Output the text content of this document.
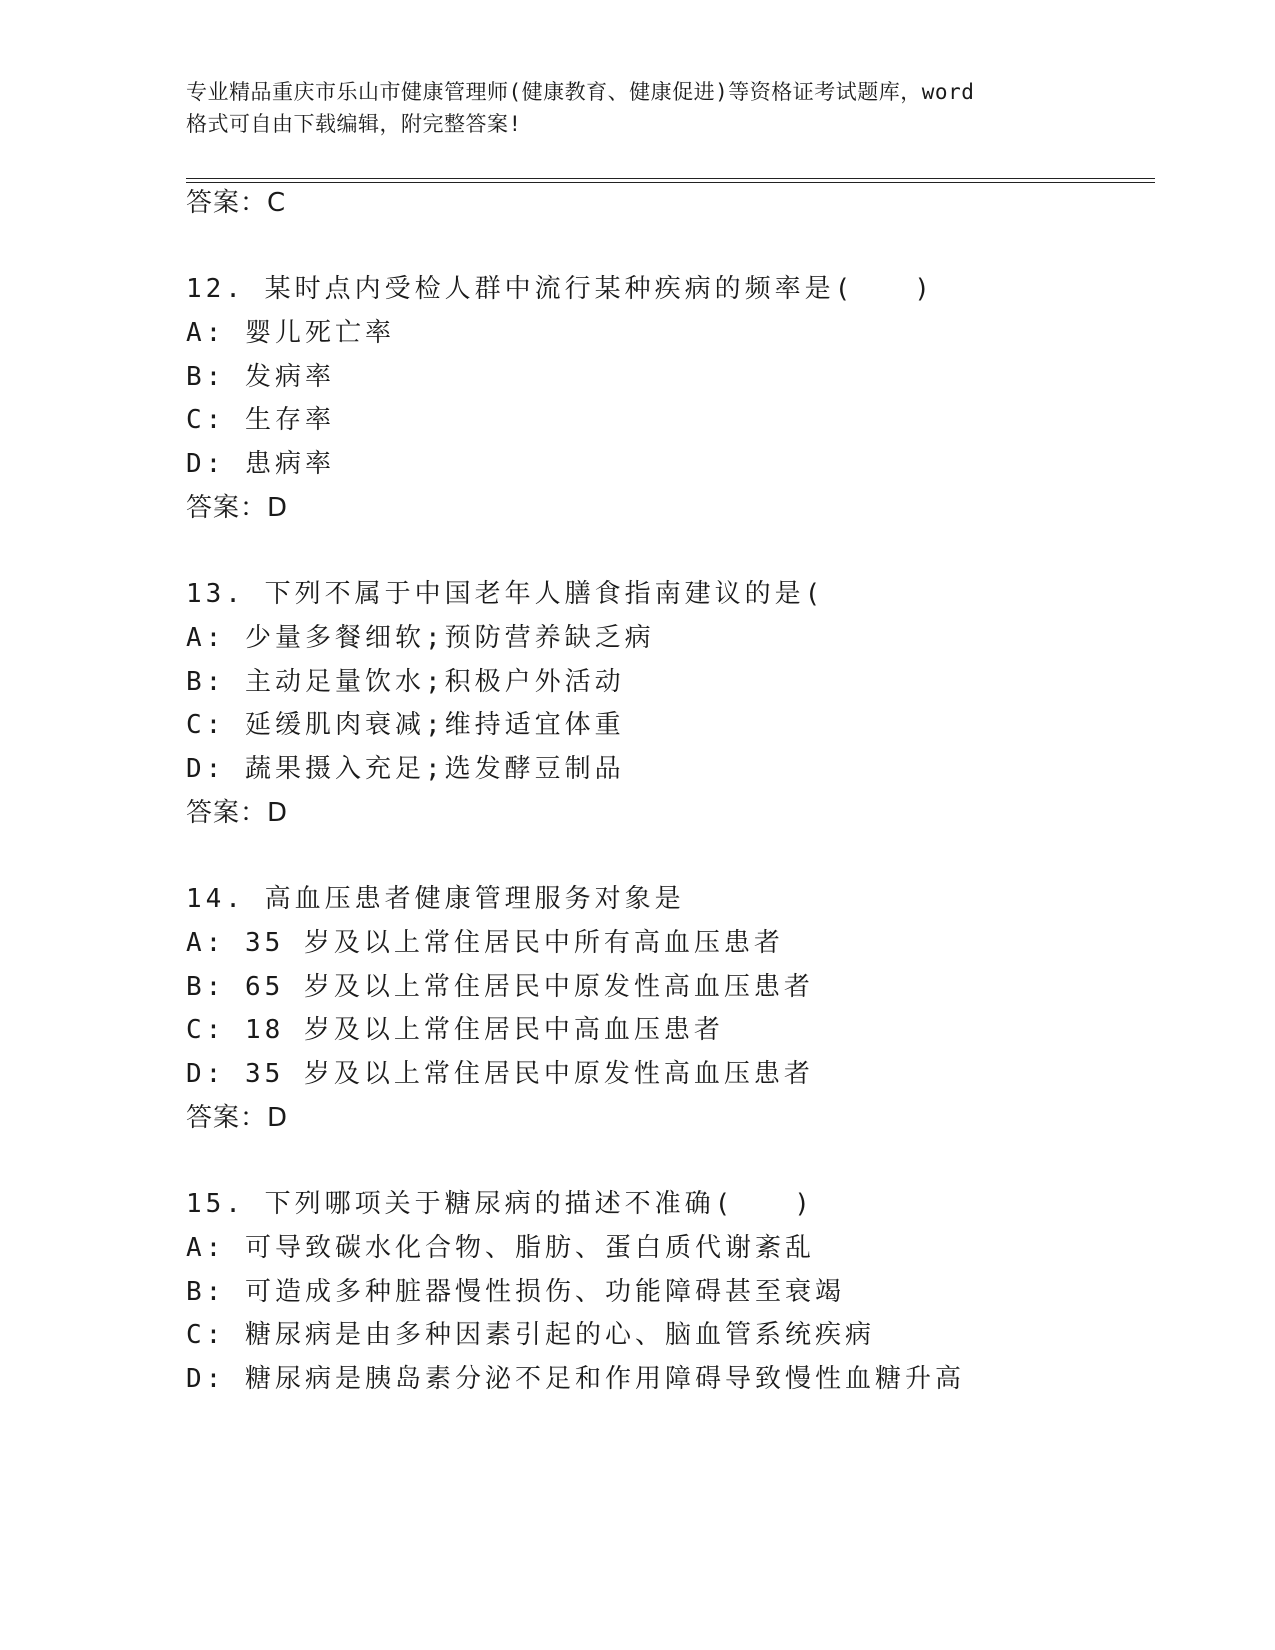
专业精品重庆市乐山市健康管理师(健康教育、健康促进)等资格证考试题库，word
格式可自由下载编辑，附完整答案!
答案：C
12. 某时点内受检人群中流行某种疾病的频率是(　　)
A: 婴儿死亡率
B: 发病率
C: 生存率
D: 患病率
答案：D
13. 下列不属于中国老年人膳食指南建议的是(
A: 少量多餐细软;预防营养缺乏病
B: 主动足量饮水;积极户外活动
C: 延缓肌肉衰减;维持适宜体重
D: 蔬果摄入充足;选发酵豆制品
答案：D
14. 高血压患者健康管理服务对象是
A: 35 岁及以上常住居民中所有高血压患者
B: 65 岁及以上常住居民中原发性高血压患者
C: 18 岁及以上常住居民中高血压患者
D: 35 岁及以上常住居民中原发性高血压患者
答案：D
15. 下列哪项关于糖尿病的描述不准确(　　)
A: 可导致碳水化合物、脂肪、蛋白质代谢紊乱
B: 可造成多种脏器慢性损伤、功能障碍甚至衰竭
C: 糖尿病是由多种因素引起的心、脑血管系统疾病
D: 糖尿病是胰岛素分泌不足和作用障碍导致慢性血糖升高
